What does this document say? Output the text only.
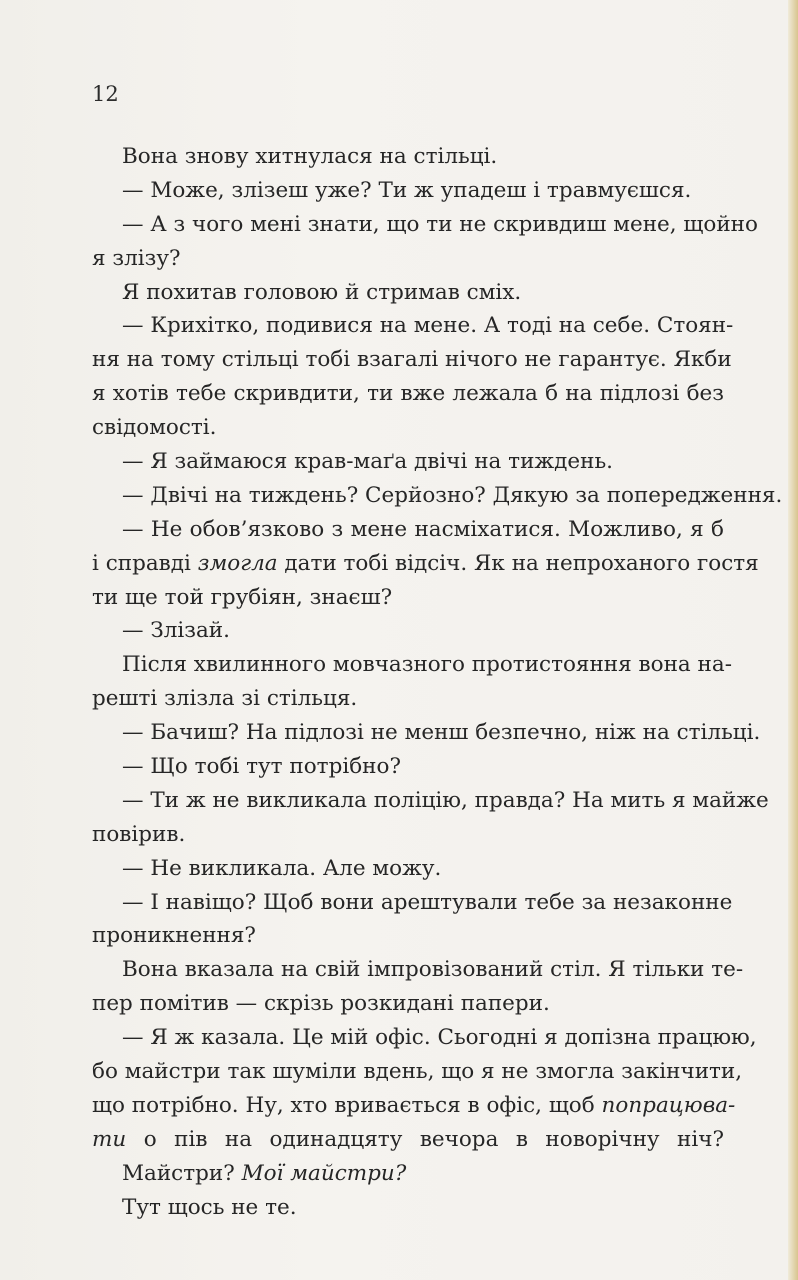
12
Вона знову хитнулася на стільці.
— Може, злізеш уже? Ти ж упадеш і травмуєшся.
— А з чого мені знати, що ти не скривдиш мене, щойно
я злізу?
Я похитав головою й стримав сміх.
— Крихітко, подивися на мене. А тоді на себе. Стоян-
ня на тому стільці тобі взагалі нічого не гарантує. Якби
я хотів тебе скривдити, ти вже лежала б на підлозі без
свідомості.
— Я займаюся крав-маґа двічі на тиждень.
— Двічі на тиждень? Серйозно? Дякую за попередження.
— Не обов’язково з мене насміхатися. Можливо, я б
і справді змогла дати тобі відсіч. Як на непроханого гостя
ти ще той грубіян, знаєш?
— Злізай.
Після хвилинного мовчазного протистояння вона на-
решті злізла зі стільця.
— Бачиш? На підлозі не менш безпечно, ніж на стільці.
— Що тобі тут потрібно?
— Ти ж не викликала поліцію, правда? На мить я майже
повірив.
— Не викликала. Але можу.
— І навіщо? Щоб вони арештували тебе за незаконне
проникнення?
Вона вказала на свій імпровізований стіл. Я тільки те-
пер помітив — скрізь розкидані папери.
— Я ж казала. Це мій офіс. Сьогодні я допізна працюю,
бо майстри так шуміли вдень, що я не змогла закінчити,
що потрібно. Ну, хто вривається в офіс, щоб попрацюва-
ти о пів на одинадцяту вечора в новорічну ніч?
Майстри? Мої майстри?
Тут щось не те.
